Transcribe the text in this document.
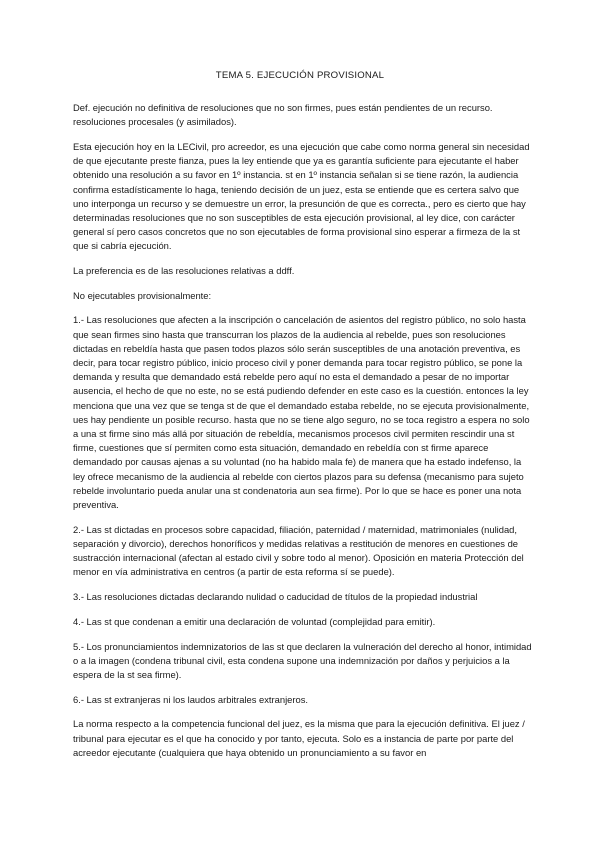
TEMA 5. EJECUCIÓN PROVISIONAL

Def. ejecución no definitiva de resoluciones que no son firmes, pues están pendientes de un recurso. resoluciones procesales (y asimilados).

Esta ejecución hoy en la LECivil, pro acreedor, es una ejecución que cabe como norma general sin necesidad de que ejecutante preste fianza, pues la ley entiende que ya es garantía suficiente para ejecutante el haber obtenido una resolución a su favor en 1º instancia. st en 1º instancia señalan si se tiene razón, la audiencia confirma estadísticamente lo haga, teniendo decisión de un juez, esta se entiende que es certera salvo que uno interponga un recurso y se demuestre un error, la presunción de que es correcta., pero es cierto que hay determinadas resoluciones que no son susceptibles de esta ejecución provisional, al ley dice, con carácter general sí pero casos concretos que no son ejecutables de forma provisional sino esperar a firmeza de la st que si cabría ejecución.

La preferencia es de las resoluciones relativas a ddff.

No ejecutables provisionalmente:

1.- Las resoluciones que afecten a la inscripción o cancelación de asientos del registro público, no solo hasta que sean firmes sino hasta que transcurran los plazos de la audiencia al rebelde, pues son resoluciones dictadas en rebeldía hasta que pasen todos plazos sólo serán susceptibles de una anotación preventiva, es decir, para tocar registro público, inicio proceso civil y poner demanda para tocar registro público, se pone la demanda y resulta que demandado está rebelde pero aquí no esta el demandado a pesar de no importar ausencia, el hecho de que no este, no se está pudiendo defender en este caso es la cuestión. entonces la ley menciona que una vez que se tenga st de que el demandado estaba rebelde, no se ejecuta provisionalmente, ues hay pendiente un posible recurso. hasta que no se tiene algo seguro, no se toca registro a espera no solo a una st firme sino más allá por situación de rebeldía, mecanismos procesos civil permiten rescindir una st firme, cuestiones que sí permiten como esta situación, demandado en rebeldía con st firme aparece demandado por causas ajenas a su voluntad (no ha habido mala fe) de manera que ha estado indefenso, la ley ofrece mecanismo de la audiencia al rebelde con ciertos plazos para su defensa (mecanismo para sujeto rebelde involuntario pueda anular una st condenatoria aun sea firme). Por lo que se hace es poner una nota preventiva.

2.- Las st dictadas en procesos sobre capacidad, filiación, paternidad / maternidad, matrimoniales (nulidad, separación y divorcio), derechos honoríficos y medidas relativas a restitución de menores en cuestiones de sustracción internacional (afectan al estado civil y sobre todo al menor). Oposición en materia Protección del menor en vía administrativa en centros (a partir de esta reforma sí se puede).

3.- Las resoluciones dictadas declarando nulidad o caducidad de títulos de la propiedad industrial

4.- Las st que condenan a emitir una declaración de voluntad (complejidad para emitir).

5.- Los pronunciamientos indemnizatorios de las st que declaren la vulneración del derecho al honor, intimidad o a la imagen (condena tribunal civil, esta condena supone una indemnización por daños y perjuicios a la espera de la st sea firme).

6.- Las st extranjeras ni los laudos arbitrales extranjeros.

La norma respecto a la competencia funcional del juez, es la misma que para la ejecución definitiva. El juez / tribunal para ejecutar es el que ha conocido y por tanto, ejecuta. Solo es a instancia de parte por parte del acreedor ejecutante (cualquiera que haya obtenido un pronunciamiento a su favor en
